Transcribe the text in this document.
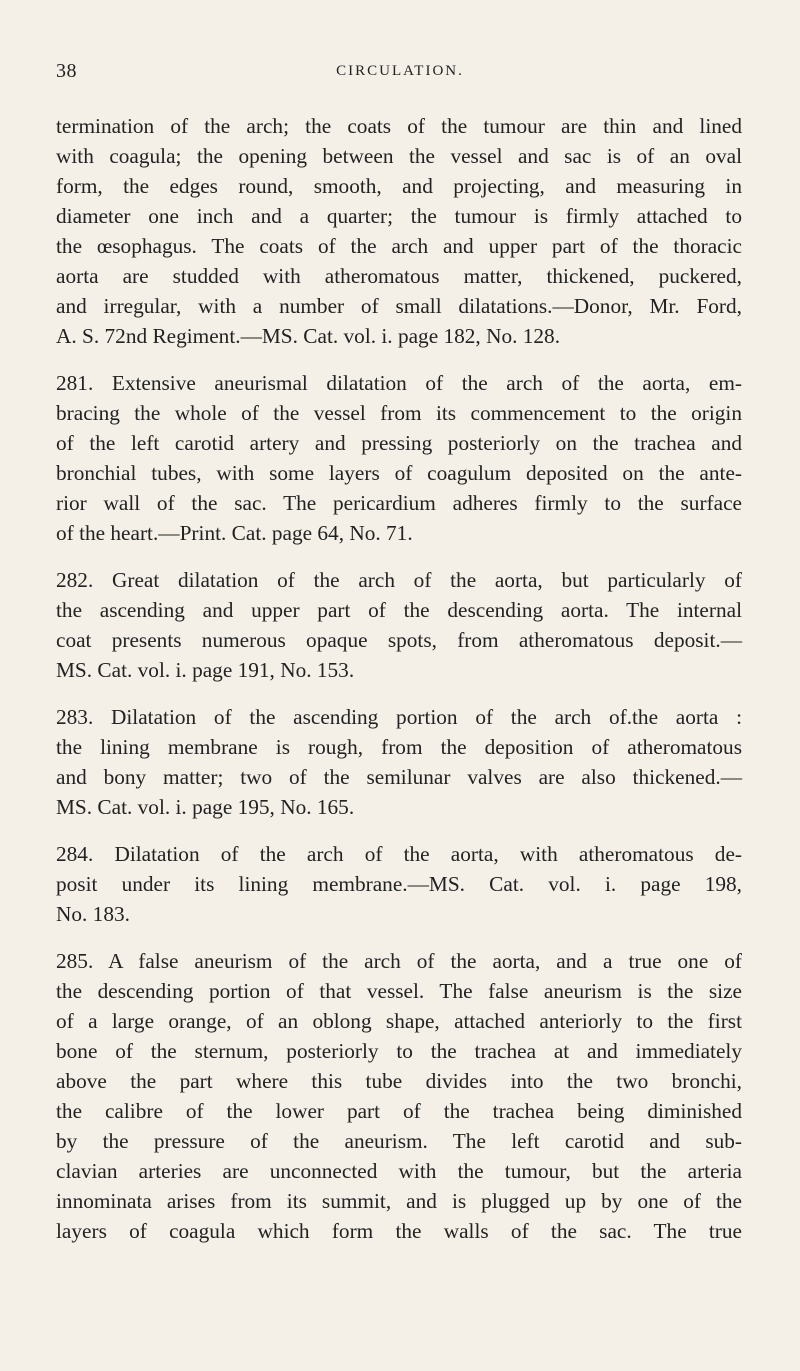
38	CIRCULATION.

termination of the arch; the coats of the tumour are thin and lined
with coagula; the opening between the vessel and sac is of an oval
form, the edges round, smooth, and projecting, and measuring in
diameter one inch and a quarter; the tumour is firmly attached to
the œsophagus. The coats of the arch and upper part of the thoracic
aorta are studded with atheromatous matter, thickened, puckered,
and irregular, with a number of small dilatations.—Donor, Mr. Ford,
A. S. 72nd Regiment.—MS. Cat. vol. i. page 182, No. 128.

281. Extensive aneurismal dilatation of the arch of the aorta, em-
bracing the whole of the vessel from its commencement to the origin
of the left carotid artery and pressing posteriorly on the trachea and
bronchial tubes, with some layers of coagulum deposited on the ante-
rior wall of the sac. The pericardium adheres firmly to the surface
of the heart.—Print. Cat. page 64, No. 71.

282. Great dilatation of the arch of the aorta, but particularly of
the ascending and upper part of the descending aorta. The internal
coat presents numerous opaque spots, from atheromatous deposit.—
MS. Cat. vol. i. page 191, No. 153.

283. Dilatation of the ascending portion of the arch of.the aorta :
the lining membrane is rough, from the deposition of atheromatous
and bony matter; two of the semilunar valves are also thickened.—
MS. Cat. vol. i. page 195, No. 165.

284. Dilatation of the arch of the aorta, with atheromatous de-
posit under its lining membrane.—MS. Cat. vol. i. page 198,
No. 183.

285. A false aneurism of the arch of the aorta, and a true one of
the descending portion of that vessel. The false aneurism is the size
of a large orange, of an oblong shape, attached anteriorly to the first
bone of the sternum, posteriorly to the trachea at and immediately
above the part where this tube divides into the two bronchi,
the calibre of the lower part of the trachea being diminished
by the pressure of the aneurism. The left carotid and sub-
clavian arteries are unconnected with the tumour, but the arteria
innominata arises from its summit, and is plugged up by one of the
layers of coagula which form the walls of the sac. The true
